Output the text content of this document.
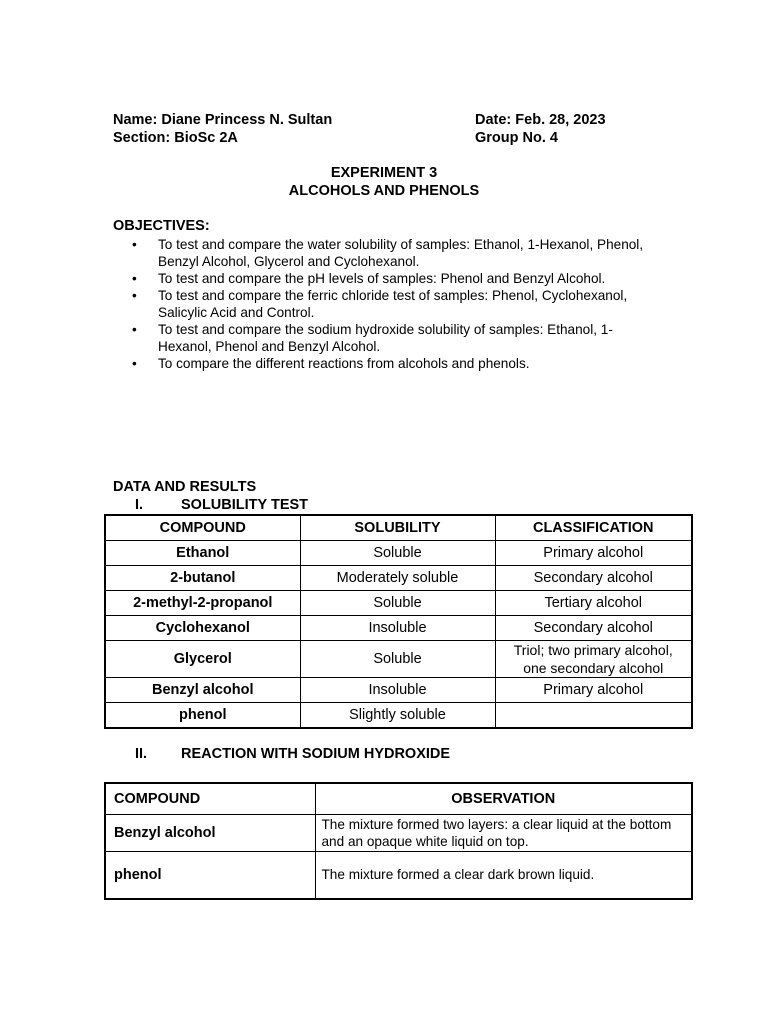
Name: Diane Princess N. Sultan
Section: BioSc 2A
Date: Feb. 28, 2023
Group No. 4
EXPERIMENT 3
ALCOHOLS AND PHENOLS
OBJECTIVES:
• To test and compare the water solubility of samples: Ethanol, 1-Hexanol, Phenol,
Benzyl Alcohol, Glycerol and Cyclohexanol.
• To test and compare the pH levels of samples: Phenol and Benzyl Alcohol.
• To test and compare the ferric chloride test of samples: Phenol, Cyclohexanol,
Salicylic Acid and Control.
• To test and compare the sodium hydroxide solubility of samples: Ethanol, 1-
Hexanol, Phenol and Benzyl Alcohol.
• To compare the different reactions from alcohols and phenols.
DATA AND RESULTS
I.	SOLUBILITY TEST
COMPOUND	SOLUBILITY	CLASSIFICATION
Ethanol	Soluble	Primary alcohol
2-butanol	Moderately soluble	Secondary alcohol
2-methyl-2-propanol	Soluble	Tertiary alcohol
Cyclohexanol	Insoluble	Secondary alcohol
Glycerol	Soluble	Triol; two primary alcohol,
one secondary alcohol
Benzyl alcohol	Insoluble	Primary alcohol
phenol	Slightly soluble	
II. REACTION WITH SODIUM HYDROXIDE
COMPOUND	OBSERVATION
Benzyl alcohol	The mixture formed two layers: a clear liquid at the bottom
and an opaque white liquid on top.
phenol	The mixture formed a clear dark brown liquid.
